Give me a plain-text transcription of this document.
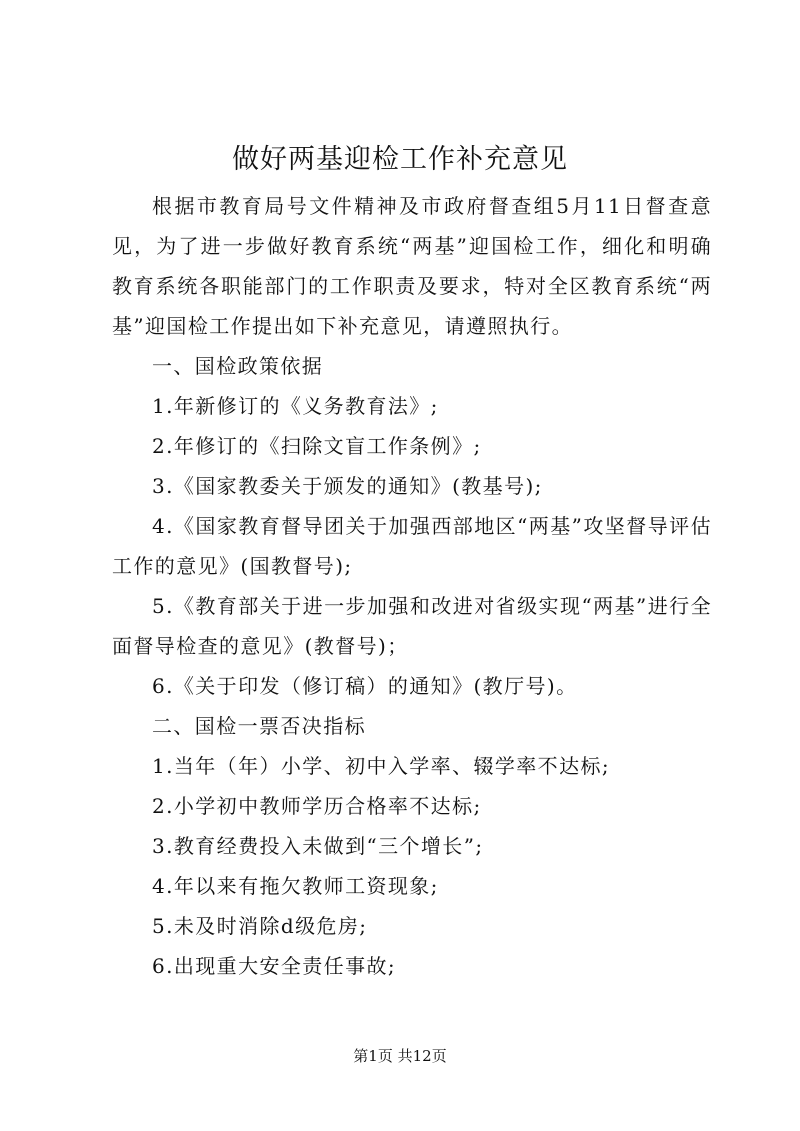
做好两基迎检工作补充意见

根据市教育局号文件精神及市政府督查组5月11日督查意见，为了进一步做好教育系统“两基”迎国检工作，细化和明确教育系统各职能部门的工作职责及要求，特对全区教育系统“两基”迎国检工作提出如下补充意见，请遵照执行。

一、国检政策依据

1.年新修订的《义务教育法》;

2.年修订的《扫除文盲工作条例》;

3.《国家教委关于颁发的通知》(教基号);

4.《国家教育督导团关于加强西部地区“两基”攻坚督导评估工作的意见》(国教督号);

5.《教育部关于进一步加强和改进对省级实现“两基”进行全面督导检查的意见》(教督号)；

6.《关于印发（修订稿）的通知》(教厅号)。

二、国检一票否决指标

1.当年（年）小学、初中入学率、辍学率不达标;

2.小学初中教师学历合格率不达标;

3.教育经费投入未做到“三个增长”;

4.年以来有拖欠教师工资现象;

5.未及时消除d级危房;

6.出现重大安全责任事故;

第1页 共12页
